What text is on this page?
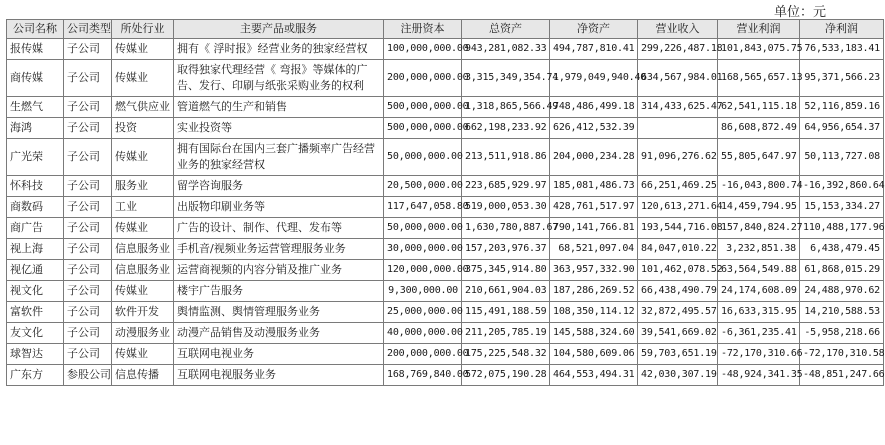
单位：元
公司名称	公司类型	所处行业	主要产品或服务	注册资本	总资产	净资产	营业收入	营业利润	净利润
报传媒	子公司	传媒业	拥有《 浮时报》经营业务的独家经营权	100,000,000.00	943,281,082.33	494,787,810.41	299,226,487.18	101,843,075.75	76,533,183.41
商传媒	子公司	传媒业	取得独家代理经营《 弯报》等媒体的广告、发行、印刷与纸张采购业务的权利	200,000,000.00	3,315,349,354.74	1,979,049,940.40	634,567,984.01	168,565,657.13	95,371,566.23
生燃气	子公司	燃气供应业	管道燃气的生产和销售	500,000,000.00	1,318,865,566.49	748,486,499.18	314,433,625.47	62,541,115.18	52,116,859.16
海鸿	子公司	投资	实业投资等	500,000,000.00	662,198,233.92	626,412,532.39		86,608,872.49	64,956,654.37
广光荣	子公司	传媒业	拥有国际台在国内三套广播频率广告经营业务的独家经营权	50,000,000.00	213,511,918.86	204,000,234.28	91,096,276.62	55,805,647.97	50,113,727.08
怀科技	子公司	服务业	留学咨询服务	20,500,000.00	223,685,929.97	185,081,486.73	66,251,469.25	-16,043,800.74	-16,392,860.64
商数码	子公司	工业	出版物印刷业务等	117,647,058.80	519,000,053.30	428,761,517.97	120,613,271.64	14,459,794.95	15,153,334.27
商广告	子公司	传媒业	广告的设计、制作、代理、发布等	50,000,000.00	1,630,780,887.67	790,141,766.81	193,544,716.08	157,840,824.27	110,488,177.96
视上海	子公司	信息服务业	手机音/视频业务运营管理服务业务	30,000,000.00	157,203,976.37	68,521,097.04	84,047,010.22	3,232,851.38	6,438,479.45
视亿通	子公司	信息服务业	运营商视频的内容分销及推广业务	120,000,000.00	375,345,914.80	363,957,332.90	101,462,078.52	63,564,549.88	61,868,015.29
视文化	子公司	传媒业	楼宇广告服务	9,300,000.00	210,661,904.03	187,286,269.52	66,438,490.79	24,174,608.09	24,488,970.62
富软件	子公司	软件开发	舆情监测、舆情管理服务业务	25,000,000.00	115,491,188.59	108,350,114.12	32,872,495.57	16,633,315.95	14,210,588.53
友文化	子公司	动漫服务业	动漫产品销售及动漫服务业务	40,000,000.00	211,205,785.19	145,588,324.60	39,541,669.02	-6,361,235.41	-5,958,218.66
球智达	子公司	传媒业	互联网电视业务	200,000,000.00	175,225,548.32	104,580,609.06	59,703,651.19	-72,170,310.66	-72,170,310.58
广东方	参股公司	信息传播	互联网电视服务业务	168,769,840.00	572,075,190.28	464,553,494.31	42,030,307.19	-48,924,341.35	-48,851,247.66
